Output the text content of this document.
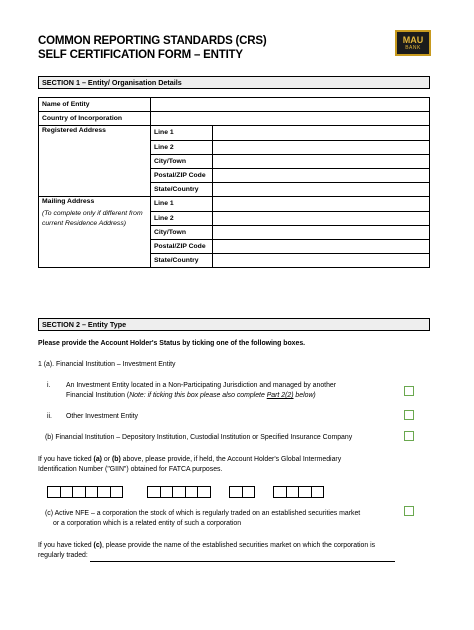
COMMON REPORTING STANDARDS (CRS)
SELF CERTIFICATION FORM – ENTITY
MAU
BANK
SECTION 1 – Entity/ Organisation Details
Name of Entity		
Country of Incorporation		
Registered Address	Line 1	
	Line 2	
	City/Town	
	Postal/ZIP Code	
	State/Country	
Mailing Address
(To complete only if different from current Residence Address)	Line 1	
	Line 2	
	City/Town	
	Postal/ZIP Code	
	State/Country	
SECTION 2 – Entity Type
Please provide the Account Holder's Status by ticking one of the following boxes.
1 (a). Financial Institution – Investment Entity
i. An Investment Entity located in a Non-Participating Jurisdiction and managed by another
Financial Institution (Note: if ticking this box please also complete Part 2(2) below)
ii. Other Investment Entity
(b) Financial Institution – Depository Institution, Custodial Institution or Specified Insurance Company
If you have ticked (a) or (b) above, please provide, if held, the Account Holder's Global Intermediary
Identification Number ("GIIN") obtained for FATCA purposes.
(c) Active NFE – a corporation the stock of which is regularly traded on an established securities market
or a corporation which is a related entity of such a corporation
If you have ticked (c), please provide the name of the established securities market on which the corporation is
regularly traded:
